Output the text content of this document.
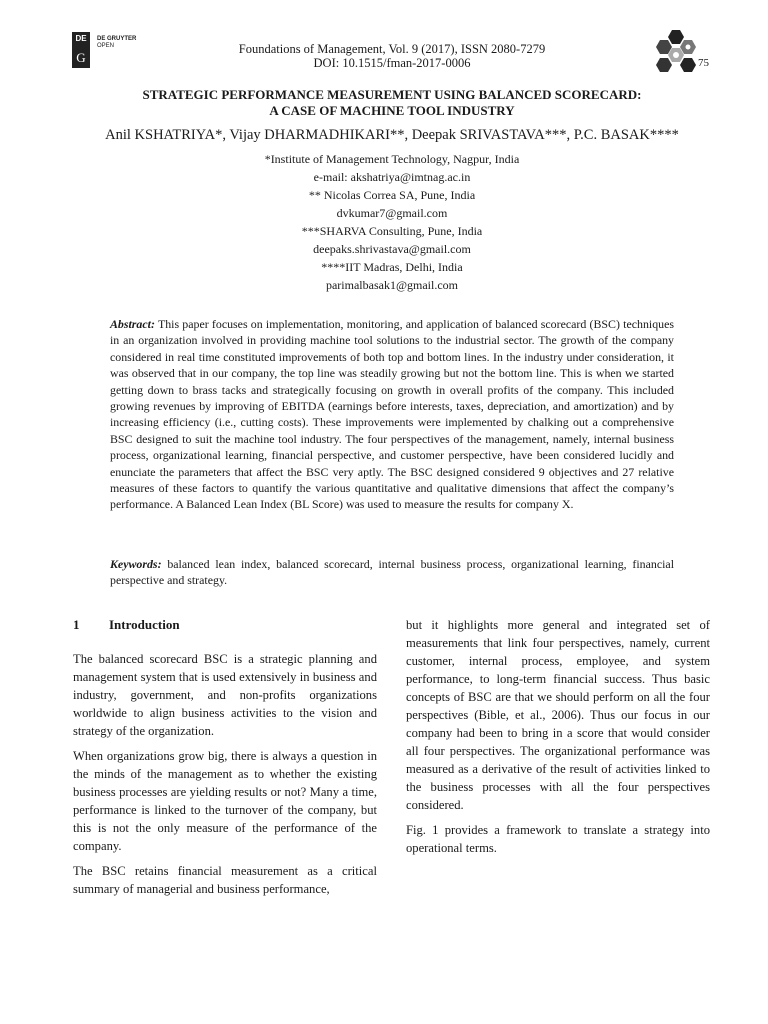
DE
G
DE GRUYTER
OPEN	Foundations of Management, Vol. 9 (2017), ISSN 2080-7279
DOI: 10.1515/fman-2017-0006	75
STRATEGIC PERFORMANCE MEASUREMENT USING BALANCED SCORECARD:
A CASE OF MACHINE TOOL INDUSTRY
Anil KSHATRIYA*, Vijay DHARMADHIKARI**, Deepak SRIVASTAVA***, P.C. BASAK****
*Institute of Management Technology, Nagpur, India
e-mail: akshatriya@imtnag.ac.in
** Nicolas Correa SA, Pune, India
dvkumar7@gmail.com
***SHARVA Consulting, Pune, India
deepaks.shrivastava@gmail.com
****IIT Madras, Delhi, India
parimalbasak1@gmail.com
Abstract: This paper focuses on implementation, monitoring, and application of balanced scorecard (BSC) techniques in an organization involved in providing machine tool solutions to the industrial sector. The growth of the company considered in real time constituted improvements of both top and bottom lines. In the industry under consideration, it was observed that in our company, the top line was steadily growing but not the bottom line. This is when we started getting down to brass tacks and strategically focusing on growth in overall profits of the company. This included growing revenues by improving of EBITDA (earnings before interests, taxes, depreciation, and amortization) and by increasing efficiency (i.e., cutting costs). These improvements were implemented by chalking out a comprehensive BSC designed to suit the machine tool industry. The four perspectives of the management, namely, internal business process, organizational learning, financial perspective, and customer perspective, have been considered lucidly and enunciate the parameters that affect the BSC very aptly. The BSC designed considered 9 objectives and 27 relative measures of these factors to quantify the various quantitative and qualitative dimensions that affect the company’s performance. A Balanced Lean Index (BL Score) was used to measure the results for company X.
Keywords: balanced lean index, balanced scorecard, internal business process, organizational learning, financial perspective and strategy.
1 Introduction

The balanced scorecard BSC is a strategic planning and management system that is used extensively in business and industry, government, and non-profits organizations worldwide to align business activities to the vision and strategy of the organization.

When organizations grow big, there is always a question in the minds of the management as to whether the existing business processes are yielding results or not? Many a time, performance is linked to the turnover of the company, but this is not the only measure of the performance of the company.

The BSC retains financial measurement as a critical summary of managerial and business performance,

but it highlights more general and integrated set of measurements that link four perspectives, namely, current customer, internal process, employee, and system performance, to long-term financial success. Thus basic concepts of BSC are that we should perform on all the four perspectives (Bible, et al., 2006). Thus our focus in our company had been to bring in a score that would consider all four perspectives. The organizational performance was measured as a derivative of the result of activities linked to the business processes with all the four perspectives considered.

Fig. 1 provides a framework to translate a strategy into operational terms.
